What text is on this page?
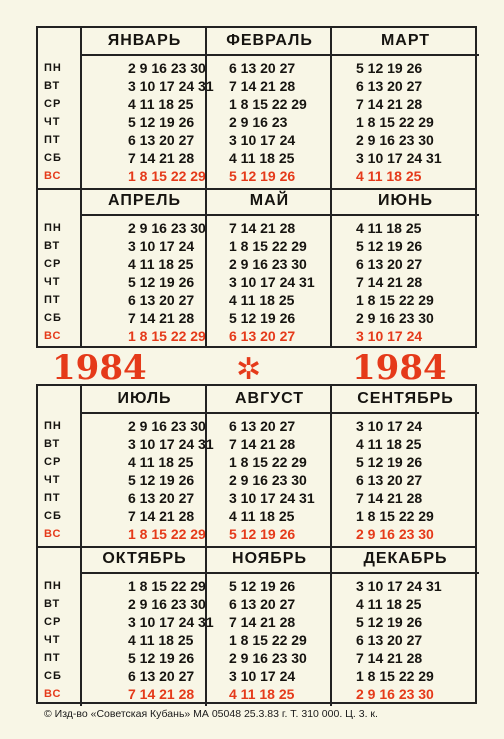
ПН
ВТ
СР
ЧТ
ПТ
СБ
ВС
ЯНВАРЬ
2 9 16 23 30
3 10 17 24 31
4 11 18 25
5 12 19 26
6 13 20 27
7 14 21 28
1 8 15 22 29
ФЕВРАЛЬ
6 13 20 27
7 14 21 28
1 8 15 22 29
2 9 16 23
3 10 17 24
4 11 18 25
5 12 19 26
МАРТ
5 12 19 26
6 13 20 27
7 14 21 28
1 8 15 22 29
2 9 16 23 30
3 10 17 24 31
4 11 18 25
ПН
ВТ
СР
ЧТ
ПТ
СБ
ВС
АПРЕЛЬ
2 9 16 23 30
3 10 17 24
4 11 18 25
5 12 19 26
6 13 20 27
7 14 21 28
1 8 15 22 29
МАЙ
7 14 21 28
1 8 15 22 29
2 9 16 23 30
3 10 17 24 31
4 11 18 25
5 12 19 26
6 13 20 27
ИЮНЬ
4 11 18 25
5 12 19 26
6 13 20 27
7 14 21 28
1 8 15 22 29
2 9 16 23 30
3 10 17 24
1984	✲	1984
ПН
ВТ
СР
ЧТ
ПТ
СБ
ВС
ИЮЛЬ
2 9 16 23 30
3 10 17 24 31
4 11 18 25
5 12 19 26
6 13 20 27
7 14 21 28
1 8 15 22 29
АВГУСТ
6 13 20 27
7 14 21 28
1 8 15 22 29
2 9 16 23 30
3 10 17 24 31
4 11 18 25
5 12 19 26
СЕНТЯБРЬ
3 10 17 24
4 11 18 25
5 12 19 26
6 13 20 27
7 14 21 28
1 8 15 22 29
2 9 16 23 30
ПН
ВТ
СР
ЧТ
ПТ
СБ
ВС
ОКТЯБРЬ
1 8 15 22 29
2 9 16 23 30
3 10 17 24 31
4 11 18 25
5 12 19 26
6 13 20 27
7 14 21 28
НОЯБРЬ
5 12 19 26
6 13 20 27
7 14 21 28
1 8 15 22 29
2 9 16 23 30
3 10 17 24
4 11 18 25
ДЕКАБРЬ
3 10 17 24 31
4 11 18 25
5 12 19 26
6 13 20 27
7 14 21 28
1 8 15 22 29
2 9 16 23 30
© Изд-во «Советская Кубань» МА 05048 25.3.83 г. Т. 310 000. Ц. 3. к.
